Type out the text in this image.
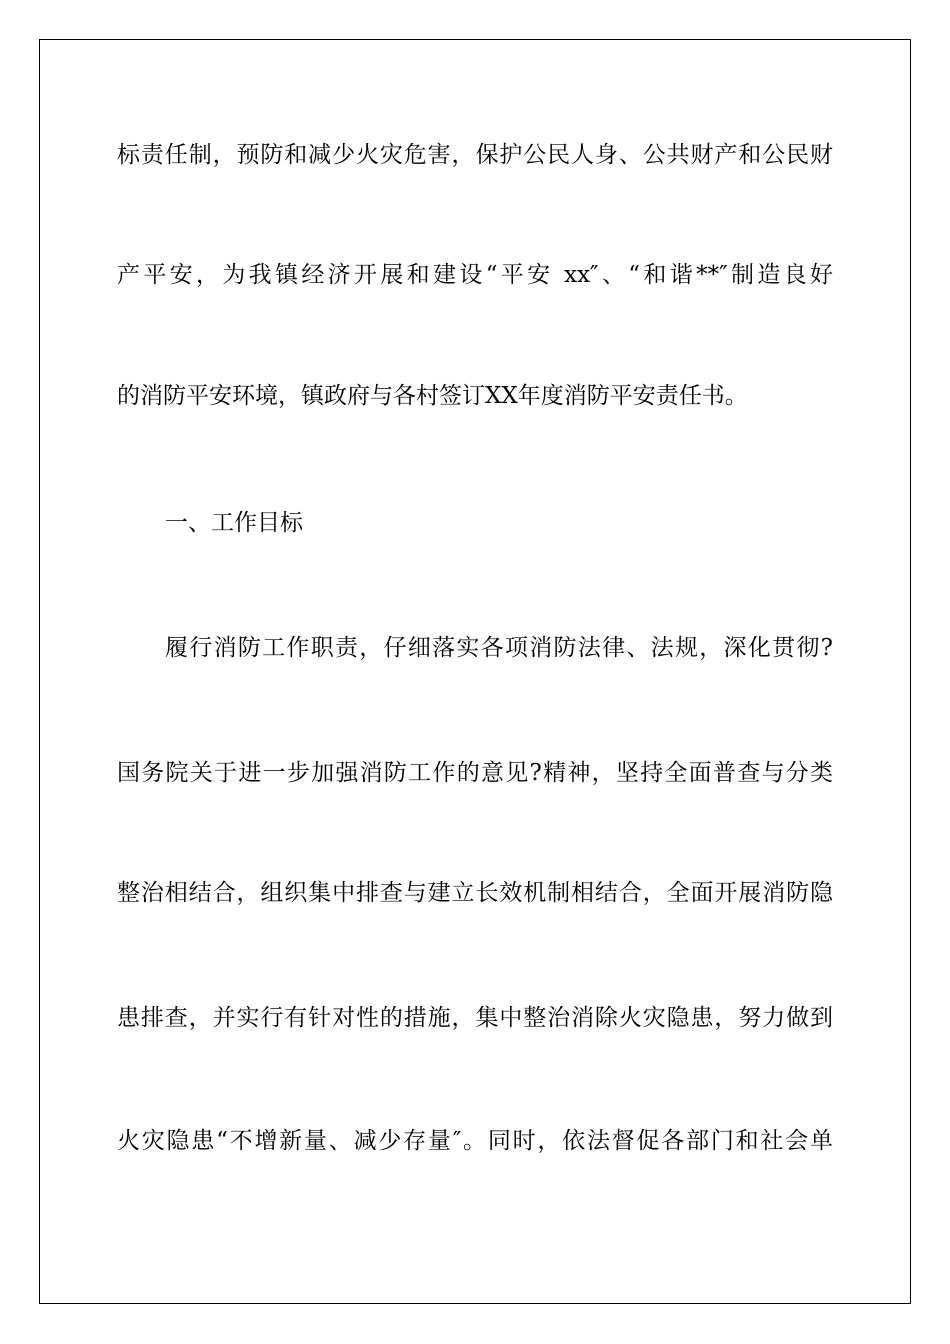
标责任制，预防和减少火灾危害，保护公民人身、公共财产和公民财
产平安，为我镇经济开展和建设“平安 xx″、“和谐**″制造良好
的消防平安环境，镇政府与各村签订XX年度消防平安责任书。
一、工作目标
履行消防工作职责，仔细落实各项消防法律、法规，深化贯彻?
国务院关于进一步加强消防工作的意见?精神，坚持全面普查与分类
整治相结合，组织集中排查与建立长效机制相结合，全面开展消防隐
患排查，并实行有针对性的措施，集中整治消除火灾隐患，努力做到
火灾隐患“不增新量、减少存量″。同时，依法督促各部门和社会单
